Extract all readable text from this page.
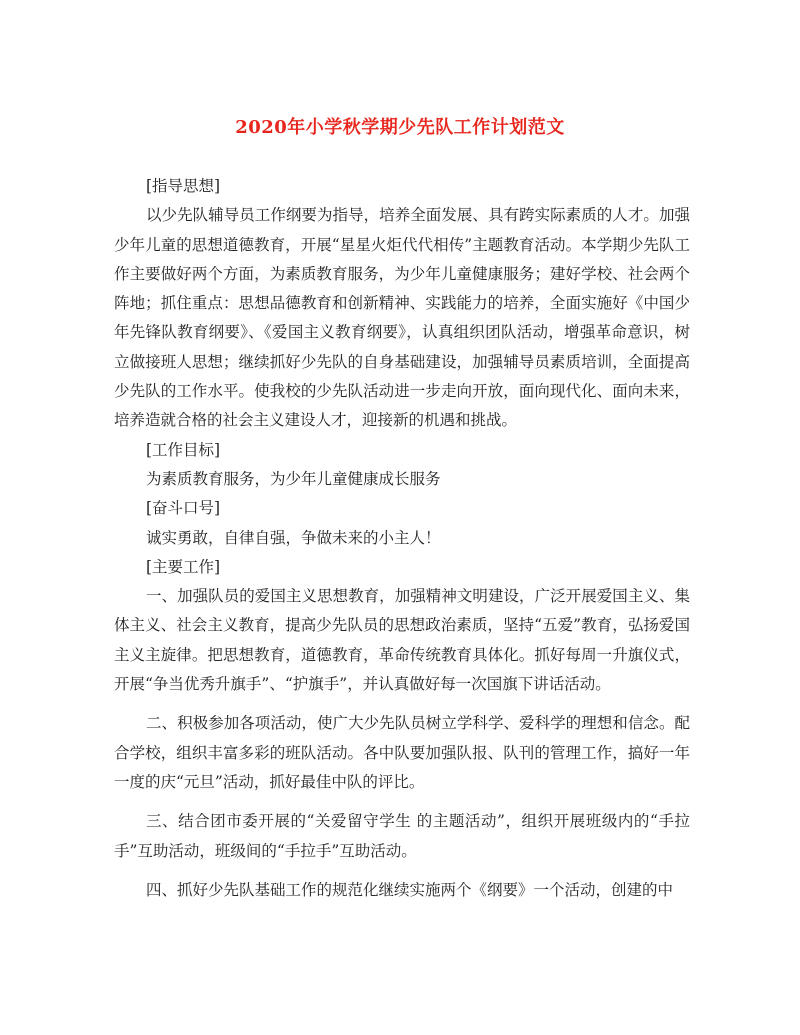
2020年小学秋学期少先队工作计划范文

[指导思想]

以少先队辅导员工作纲要为指导，培养全面发展、具有跨实际素质的人才。加强少年儿童的思想道德教育，开展“星星火炬代代相传”主题教育活动。本学期少先队工作主要做好两个方面，为素质教育服务，为少年儿童健康服务；建好学校、社会两个阵地；抓住重点：思想品德教育和创新精神、实践能力的培养，全面实施好《中国少年先锋队教育纲要》、《爱国主义教育纲要》，认真组织团队活动，增强革命意识，树立做接班人思想；继续抓好少先队的自身基础建设，加强辅导员素质培训，全面提高少先队的工作水平。使我校的少先队活动进一步走向开放，面向现代化、面向未来，培养造就合格的社会主义建设人才，迎接新的机遇和挑战。

[工作目标]

为素质教育服务，为少年儿童健康成长服务

[奋斗口号]

诚实勇敢，自律自强，争做未来的小主人！

[主要工作]

一、加强队员的爱国主义思想教育，加强精神文明建设，广泛开展爱国主义、集体主义、社会主义教育，提高少先队员的思想政治素质，坚持“五爱”教育，弘扬爱国主义主旋律。把思想教育，道德教育，革命传统教育具体化。抓好每周一升旗仪式，开展“争当优秀升旗手”、“护旗手”，并认真做好每一次国旗下讲话活动。

二、积极参加各项活动，使广大少先队员树立学科学、爱科学的理想和信念。配合学校，组织丰富多彩的班队活动。各中队要加强队报、队刊的管理工作，搞好一年一度的庆“元旦”活动，抓好最佳中队的评比。

三、结合团市委开展的“关爱留守学生 的主题活动”，组织开展班级内的“手拉手”互助活动，班级间的“手拉手”互助活动。

四、抓好少先队基础工作的规范化继续实施两个《纲要》一个活动，创建的中
